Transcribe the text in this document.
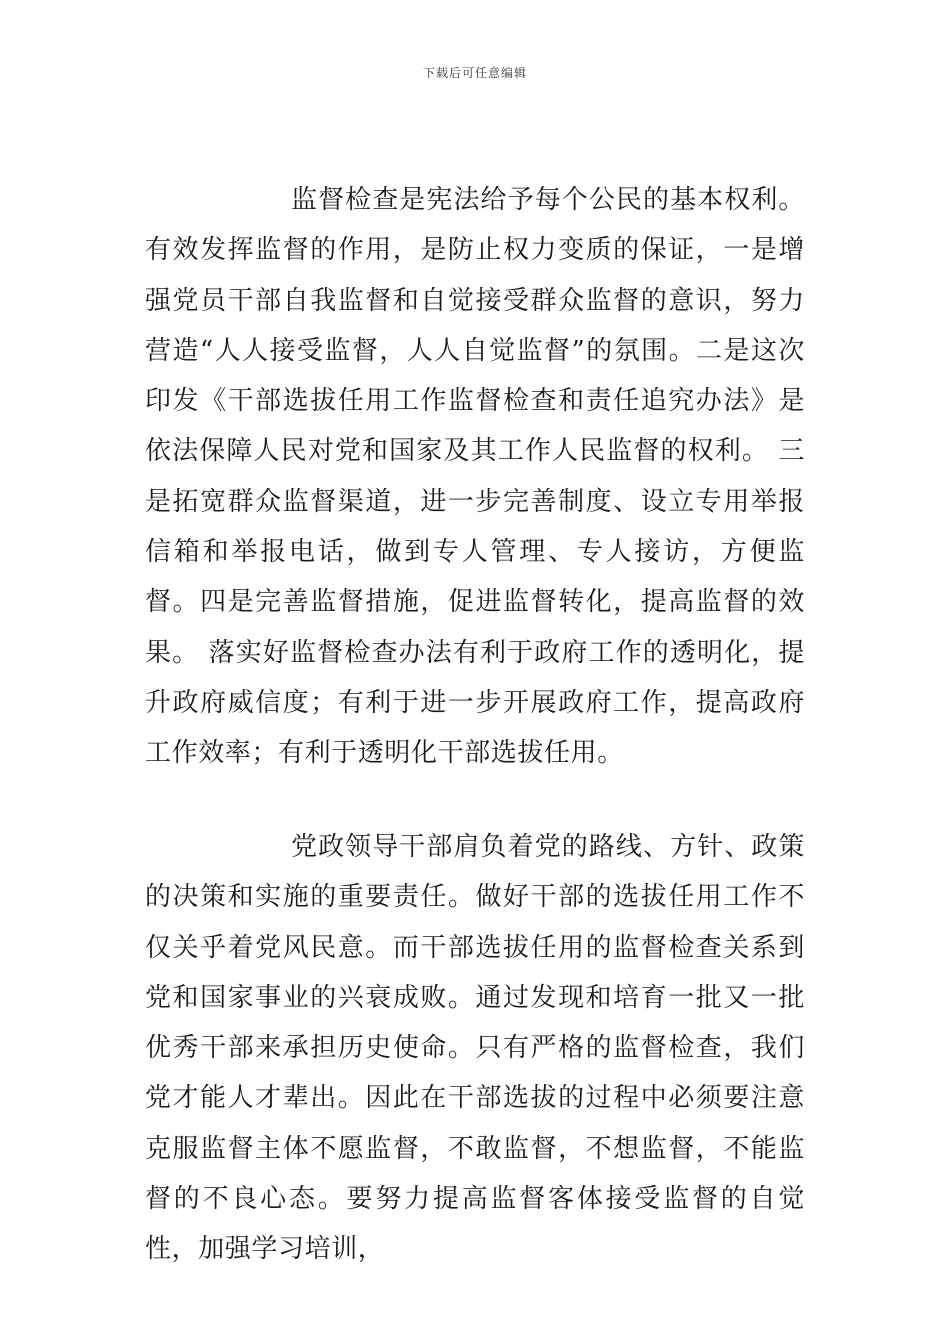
下载后可任意编辑

监督检查是宪法给予每个公民的基本权利。有效发挥监督的作用，是防止权力变质的保证，一是增强党员干部自我监督和自觉接受群众监督的意识，努力营造“人人接受监督，人人自觉监督”的氛围。二是这次印发《干部选拔任用工作监督检查和责任追究办法》是依法保障人民对党和国家及其工作人民监督的权利。 三是拓宽群众监督渠道，进一步完善制度、设立专用举报信箱和举报电话，做到专人管理、专人接访，方便监督。四是完善监督措施，促进监督转化，提高监督的效果。 落实好监督检查办法有利于政府工作的透明化，提升政府威信度；有利于进一步开展政府工作，提高政府工作效率；有利于透明化干部选拔任用。

党政领导干部肩负着党的路线、方针、政策的决策和实施的重要责任。做好干部的选拔任用工作不仅关乎着党风民意。而干部选拔任用的监督检查关系到党和国家事业的兴衰成败。通过发现和培育一批又一批优秀干部来承担历史使命。只有严格的监督检查，我们党才能人才辈出。因此在干部选拔的过程中必须要注意克服监督主体不愿监督，不敢监督，不想监督，不能监督的不良心态。要努力提高监督客体接受监督的自觉性，加强学习培训，
